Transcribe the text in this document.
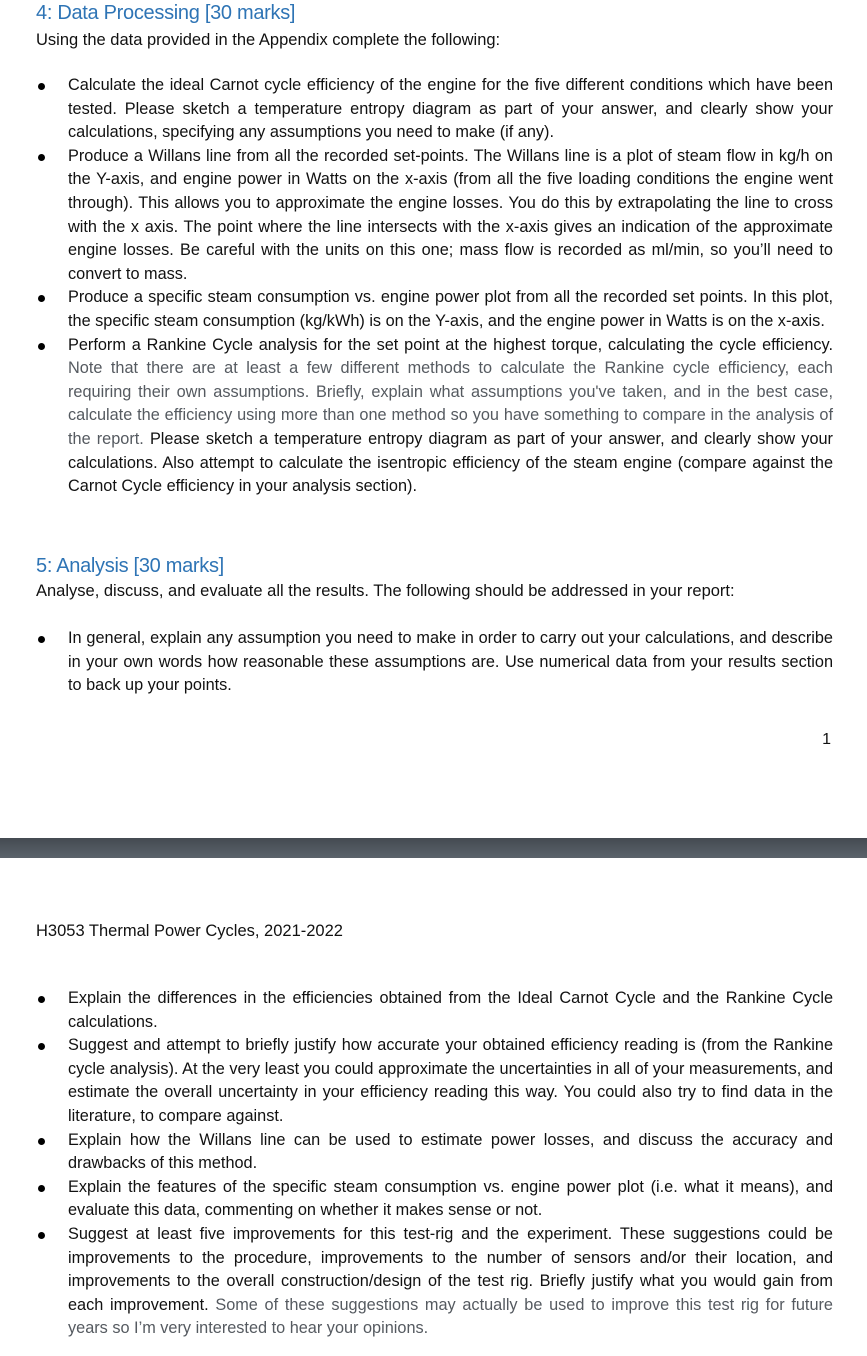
4: Data Processing [30 marks]

Using the data provided in the Appendix complete the following:

Calculate the ideal Carnot cycle efficiency of the engine for the five different conditions which have been tested. Please sketch a temperature entropy diagram as part of your answer, and clearly show your calculations, specifying any assumptions you need to make (if any).
Produce a Willans line from all the recorded set-points. The Willans line is a plot of steam flow in kg/h on the Y-axis, and engine power in Watts on the x-axis (from all the five loading conditions the engine went through). This allows you to approximate the engine losses. You do this by extrapolating the line to cross with the x axis. The point where the line intersects with the x-axis gives an indication of the approximate engine losses. Be careful with the units on this one; mass flow is recorded as ml/min, so you’ll need to convert to mass.
Produce a specific steam consumption vs. engine power plot from all the recorded set points. In this plot, the specific steam consumption (kg/kWh) is on the Y-axis, and the engine power in Watts is on the x-axis.
Perform a Rankine Cycle analysis for the set point at the highest torque, calculating the cycle efficiency. Note that there are at least a few different methods to calculate the Rankine cycle efficiency, each requiring their own assumptions. Briefly, explain what assumptions you've taken, and in the best case, calculate the efficiency using more than one method so you have something to compare in the analysis of the report. Please sketch a temperature entropy diagram as part of your answer, and clearly show your calculations. Also attempt to calculate the isentropic efficiency of the steam engine (compare against the Carnot Cycle efficiency in your analysis section).
5: Analysis [30 marks]

Analyse, discuss, and evaluate all the results. The following should be addressed in your report:

In general, explain any assumption you need to make in order to carry out your calculations, and describe in your own words how reasonable these assumptions are. Use numerical data from your results section to back up your points.
1

H3053 Thermal Power Cycles, 2021-2022

Explain the differences in the efficiencies obtained from the Ideal Carnot Cycle and the Rankine Cycle calculations.
Suggest and attempt to briefly justify how accurate your obtained efficiency reading is (from the Rankine cycle analysis). At the very least you could approximate the uncertainties in all of your measurements, and estimate the overall uncertainty in your efficiency reading this way. You could also try to find data in the literature, to compare against.
Explain how the Willans line can be used to estimate power losses, and discuss the accuracy and drawbacks of this method.
Explain the features of the specific steam consumption vs. engine power plot (i.e. what it means), and evaluate this data, commenting on whether it makes sense or not.
Suggest at least five improvements for this test-rig and the experiment. These suggestions could be improvements to the procedure, improvements to the number of sensors and/or their location, and improvements to the overall construction/design of the test rig. Briefly justify what you would gain from each improvement. Some of these suggestions may actually be used to improve this test rig for future years so I’m very interested to hear your opinions.
